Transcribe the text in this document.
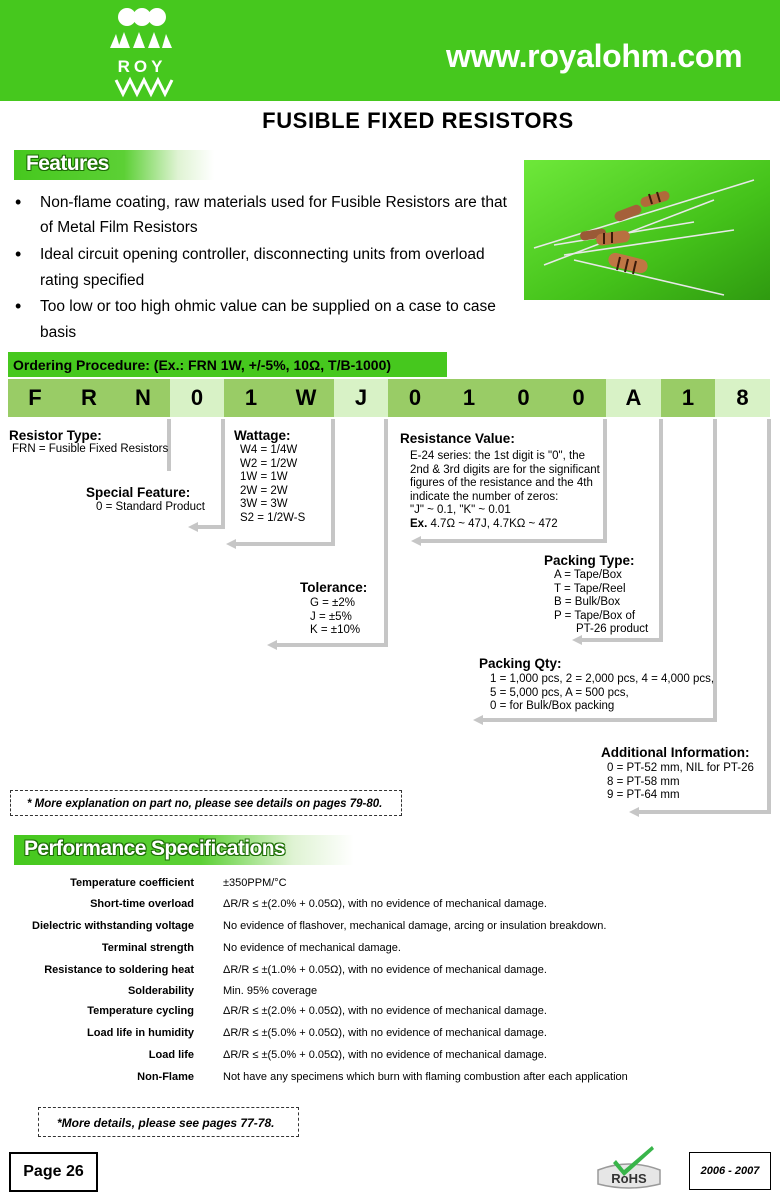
ROY	www.royalohm.com
FUSIBLE FIXED RESISTORS
Features
• Non-flame coating, raw materials used for Fusible Resistors are that
of Metal Film Resistors
• Ideal circuit opening controller, disconnecting units from overload
rating specified
• Too low or too high ohmic value can be supplied on a case to case
basis
Ordering Procedure: (Ex.: FRN 1W, +/-5%, 10Ω, T/B-1000)
F	R	N	0	1	W	J	0	1	0	0	A	1	8
Resistor Type:
FRN = Fusible Fixed Resistors
Special Feature:
0 = Standard Product
Wattage:
W4 = 1/4W
W2 = 1/2W
1W = 1W
2W = 2W
3W = 3W
S2 = 1/2W-S
Resistance Value:
E-24 series: the 1st digit is "0", the
2nd & 3rd digits are for the significant
figures of the resistance and the 4th
indicate the number of zeros:
"J" ~ 0.1, "K" ~ 0.01
Ex. 4.7Ω ~ 47J, 4.7KΩ ~ 472
Tolerance:
G = ±2%
J = ±5%
K = ±10%
Packing Type:
A = Tape/Box
T = Tape/Reel
B = Bulk/Box
P = Tape/Box of
PT-26 product
Packing Qty:
1 = 1,000 pcs, 2 = 2,000 pcs, 4 = 4,000 pcs,
5 = 5,000 pcs, A = 500 pcs,
0 = for Bulk/Box packing
Additional Information:
0 = PT-52 mm, NIL for PT-26
8 = PT-58 mm
9 = PT-64 mm
* More explanation on part no, please see details on pages 79-80.
Performance Specifications
Temperature coefficient	±350PPM/°C
Short-time overload	ΔR/R ≤ ±(2.0% + 0.05Ω), with no evidence of mechanical damage.
Dielectric withstanding voltage	No evidence of flashover, mechanical damage, arcing or insulation breakdown.
Terminal strength	No evidence of mechanical damage.
Resistance to soldering heat	ΔR/R ≤ ±(1.0% + 0.05Ω), with no evidence of mechanical damage.
Solderability	Min. 95% coverage
Temperature cycling	ΔR/R ≤ ±(2.0% + 0.05Ω), with no evidence of mechanical damage.
Load life in humidity	ΔR/R ≤ ±(5.0% + 0.05Ω), with no evidence of mechanical damage.
Load life	ΔR/R ≤ ±(5.0% + 0.05Ω), with no evidence of mechanical damage.
Non-Flame	Not have any specimens which burn with flaming combustion after each application
*More details, please see pages 77-78.
Page 26	RoHS	2006 - 2007
